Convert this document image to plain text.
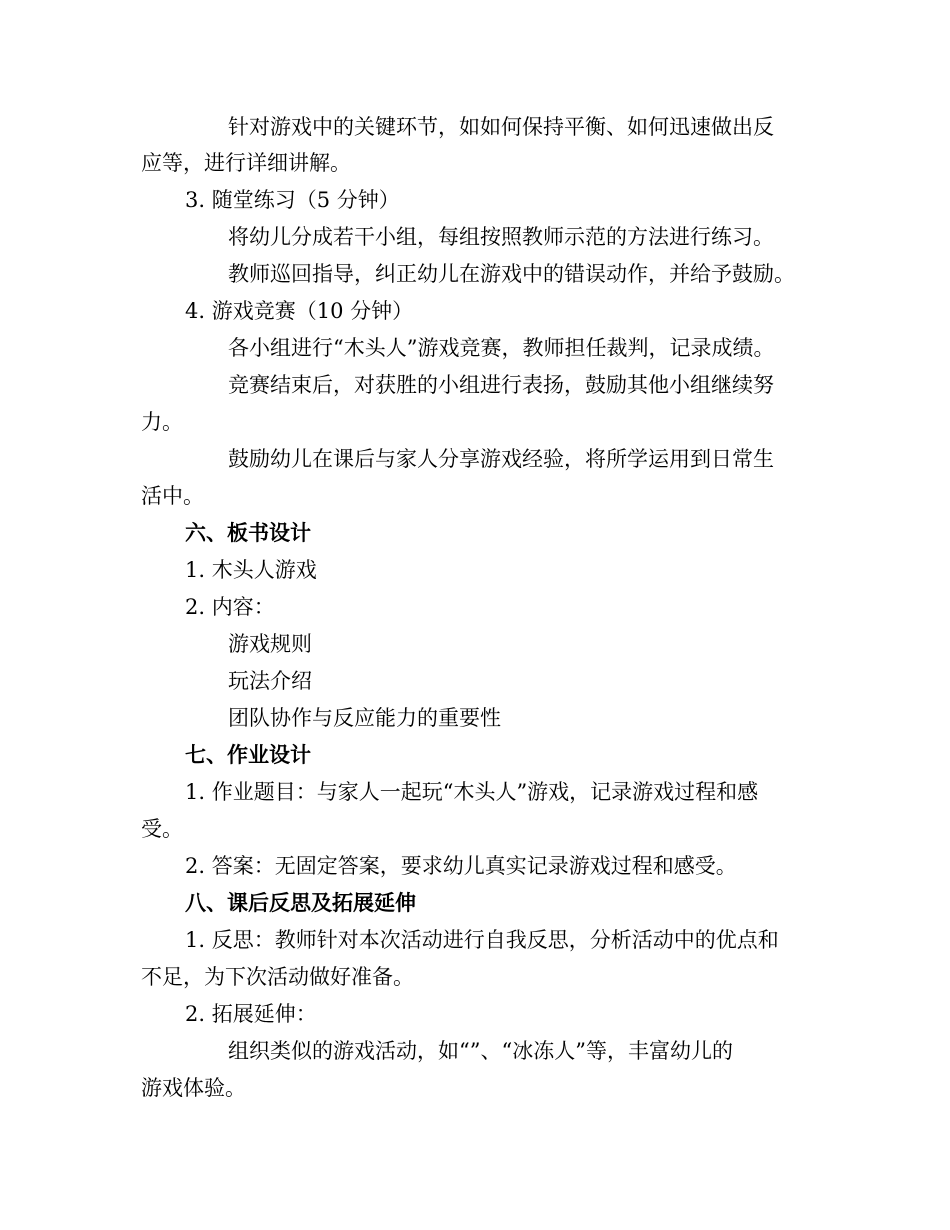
针对游戏中的关键环节，如如何保持平衡、如何迅速做出反
应等，进行详细讲解。
3. 随堂练习（5 分钟）
将幼儿分成若干小组，每组按照教师示范的方法进行练习。
教师巡回指导，纠正幼儿在游戏中的错误动作，并给予鼓励。
4. 游戏竞赛（10 分钟）
各小组进行“木头人”游戏竞赛，教师担任裁判，记录成绩。
竞赛结束后，对获胜的小组进行表扬，鼓励其他小组继续努
力。
鼓励幼儿在课后与家人分享游戏经验，将所学运用到日常生
活中。
六、板书设计
1. 木头人游戏
2. 内容：
游戏规则
玩法介绍
团队协作与反应能力的重要性
七、作业设计
1. 作业题目：与家人一起玩“木头人”游戏，记录游戏过程和感
受。
2. 答案：无固定答案，要求幼儿真实记录游戏过程和感受。
八、课后反思及拓展延伸
1. 反思：教师针对本次活动进行自我反思，分析活动中的优点和
不足，为下次活动做好准备。
2. 拓展延伸：
组织类似的游戏活动，如“”、“冰冻人”等，丰富幼儿的
游戏体验。
